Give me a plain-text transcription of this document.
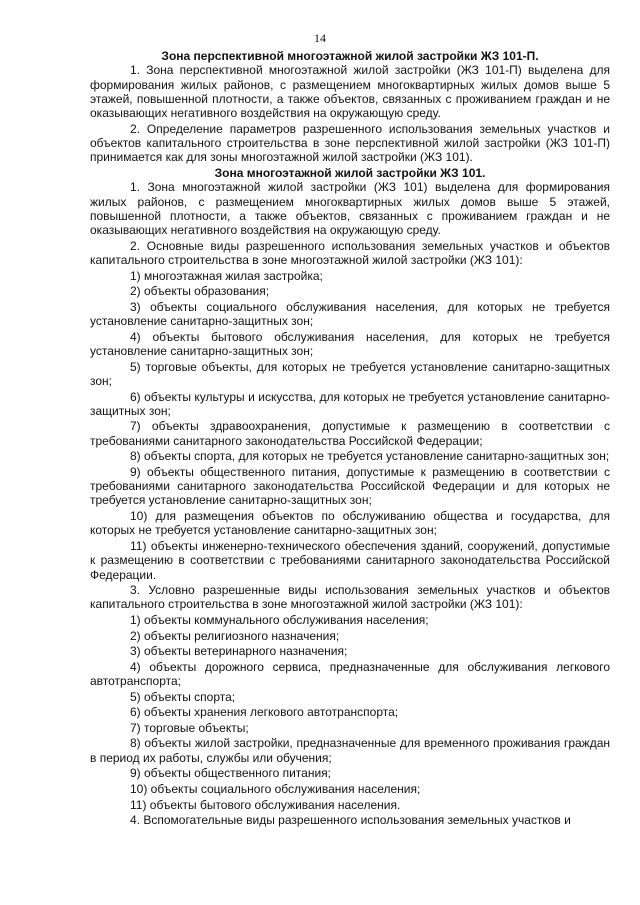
14

Зона перспективной многоэтажной жилой застройки ЖЗ 101-П.

1. Зона перспективной многоэтажной жилой застройки (ЖЗ 101-П) выделена для формирования жилых районов, с размещением многоквартирных жилых домов выше 5 этажей, повышенной плотности, а также объектов, связанных с проживанием граждан и не оказывающих негативного воздействия на окружающую среду.

2. Определение параметров разрешенного использования земельных участков и объектов капитального строительства в зоне перспективной жилой застройки (ЖЗ 101-П) принимается как для зоны многоэтажной жилой застройки (ЖЗ 101).

Зона многоэтажной жилой застройки ЖЗ 101.

1. Зона многоэтажной жилой застройки (ЖЗ 101) выделена для формирования жилых районов, с размещением многоквартирных жилых домов выше 5 этажей, повышенной плотности, а также объектов, связанных с проживанием граждан и не оказывающих негативного воздействия на окружающую среду.

2. Основные виды разрешенного использования земельных участков и объектов капитального строительства в зоне многоэтажной жилой застройки (ЖЗ 101):

1) многоэтажная жилая застройка;

2) объекты образования;

3) объекты социального обслуживания населения, для которых не требуется установление санитарно-защитных зон;

4) объекты бытового обслуживания населения, для которых не требуется установление санитарно-защитных зон;

5) торговые объекты, для которых не требуется установление санитарно-защитных зон;

6) объекты культуры и искусства, для которых не требуется установление санитарно-защитных зон;

7) объекты здравоохранения, допустимые к размещению в соответствии с требованиями санитарного законодательства Российской Федерации;

8) объекты спорта, для которых не требуется установление санитарно-защитных зон;

9) объекты общественного питания, допустимые к размещению в соответствии с требованиями санитарного законодательства Российской Федерации и для которых не требуется установление санитарно-защитных зон;

10) для размещения объектов по обслуживанию общества и государства, для которых не требуется установление санитарно-защитных зон;

11) объекты инженерно-технического обеспечения зданий, сооружений, допустимые к размещению в соответствии с требованиями санитарного законодательства Российской Федерации.

3. Условно разрешенные виды использования земельных участков и объектов капитального строительства в зоне многоэтажной жилой застройки (ЖЗ 101):

1) объекты коммунального обслуживания населения;

2) объекты религиозного назначения;

3) объекты ветеринарного назначения;

4) объекты дорожного сервиса, предназначенные для обслуживания легкового автотранспорта;

5) объекты спорта;

6) объекты хранения легкового автотранспорта;

7) торговые объекты;

8) объекты жилой застройки, предназначенные для временного проживания граждан в период их работы, службы или обучения;

9) объекты общественного питания;

10) объекты социального обслуживания населения;

11) объекты бытового обслуживания населения.

4. Вспомогательные виды разрешенного использования земельных участков и
